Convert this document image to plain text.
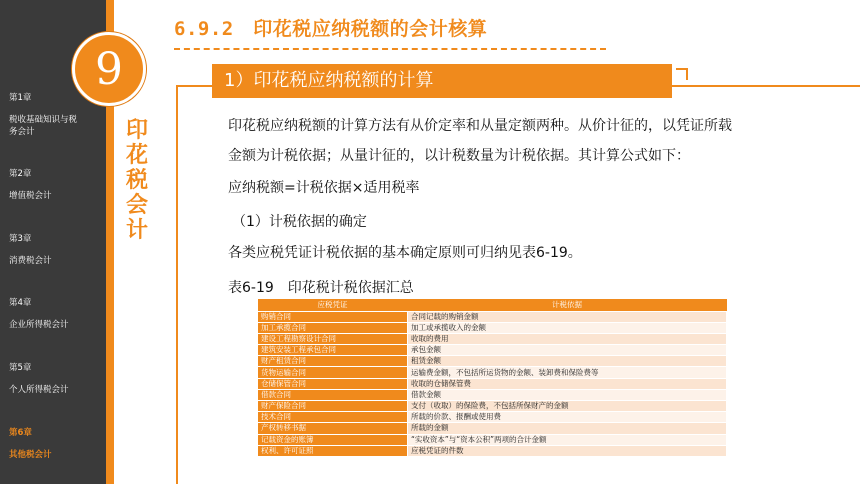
第1章
税收基础知识与税务会计
第2章
增值税会计
第3章
消费税会计
第4章
企业所得税会计
第5章
个人所得税会计
第6章
其他税会计
9
印花税会计
6.9.2　印花税应纳税额的会计核算
1）印花税应纳税额的计算
印花税应纳税额的计算方法有从价定率和从量定额两种。从价计征的，以凭证所载
金额为计税依据；从量计征的，以计税数量为计税依据。其计算公式如下：
应纳税额=计税依据×适用税率
（1）计税依据的确定
各类应税凭证计税依据的基本确定原则可归纳见表6-19。
表6-19　印花税计税依据汇总
应税凭证	计税依据
购销合同	合同记载的购销金额
加工承揽合同	加工或承揽收入的金额
建设工程勘察设计合同	收取的费用
建筑安装工程承包合同	承包金额
财产租赁合同	租赁金额
货物运输合同	运输费金额，不包括所运货物的金额、装卸费和保险费等
仓储保管合同	收取的仓储保管费
借款合同	借款金额
财产保险合同	支付（收取）的保险费，不包括所保财产的金额
技术合同	所载的价款、报酬或使用费
产权转移书据	所载的金额
记载资金的账簿	“实收资本”与“资本公积”两项的合计金额
权利、许可证照	应税凭证的件数
